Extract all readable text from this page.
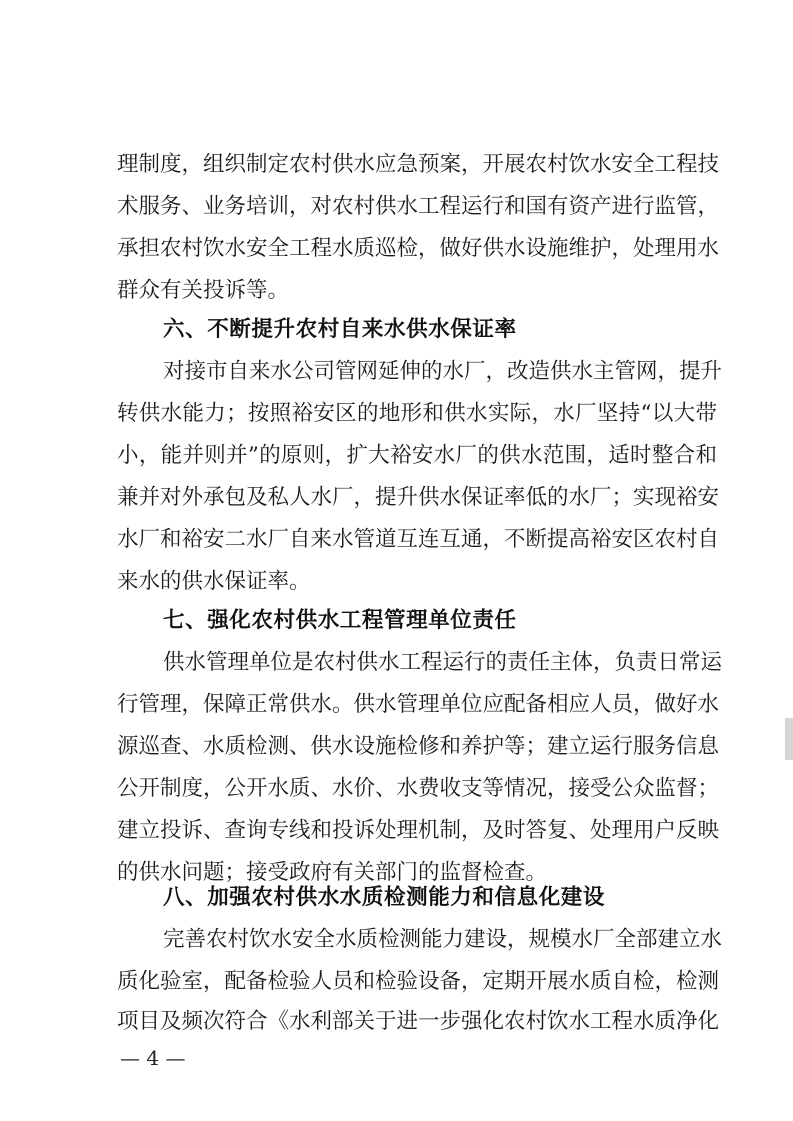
理制度，组织制定农村供水应急预案，开展农村饮水安全工程技
术服务、业务培训，对农村供水工程运行和国有资产进行监管，
承担农村饮水安全工程水质巡检，做好供水设施维护，处理用水
群众有关投诉等。
六、不断提升农村自来水供水保证率
对接市自来水公司管网延伸的水厂，改造供水主管网，提升
转供水能力；按照裕安区的地形和供水实际，水厂坚持“以大带
小，能并则并”的原则，扩大裕安水厂的供水范围，适时整合和
兼并对外承包及私人水厂，提升供水保证率低的水厂；实现裕安
水厂和裕安二水厂自来水管道互连互通，不断提高裕安区农村自
来水的供水保证率。
七、强化农村供水工程管理单位责任
供水管理单位是农村供水工程运行的责任主体，负责日常运
行管理，保障正常供水。供水管理单位应配备相应人员，做好水
源巡查、水质检测、供水设施检修和养护等；建立运行服务信息
公开制度，公开水质、水价、水费收支等情况，接受公众监督；
建立投诉、查询专线和投诉处理机制，及时答复、处理用户反映
的供水问题；接受政府有关部门的监督检查。
八、加强农村供水水质检测能力和信息化建设
完善农村饮水安全水质检测能力建设，规模水厂全部建立水
质化验室，配备检验人员和检验设备，定期开展水质自检，检测
项目及频次符合《水利部关于进一步强化农村饮水工程水质净化
— 4 —
